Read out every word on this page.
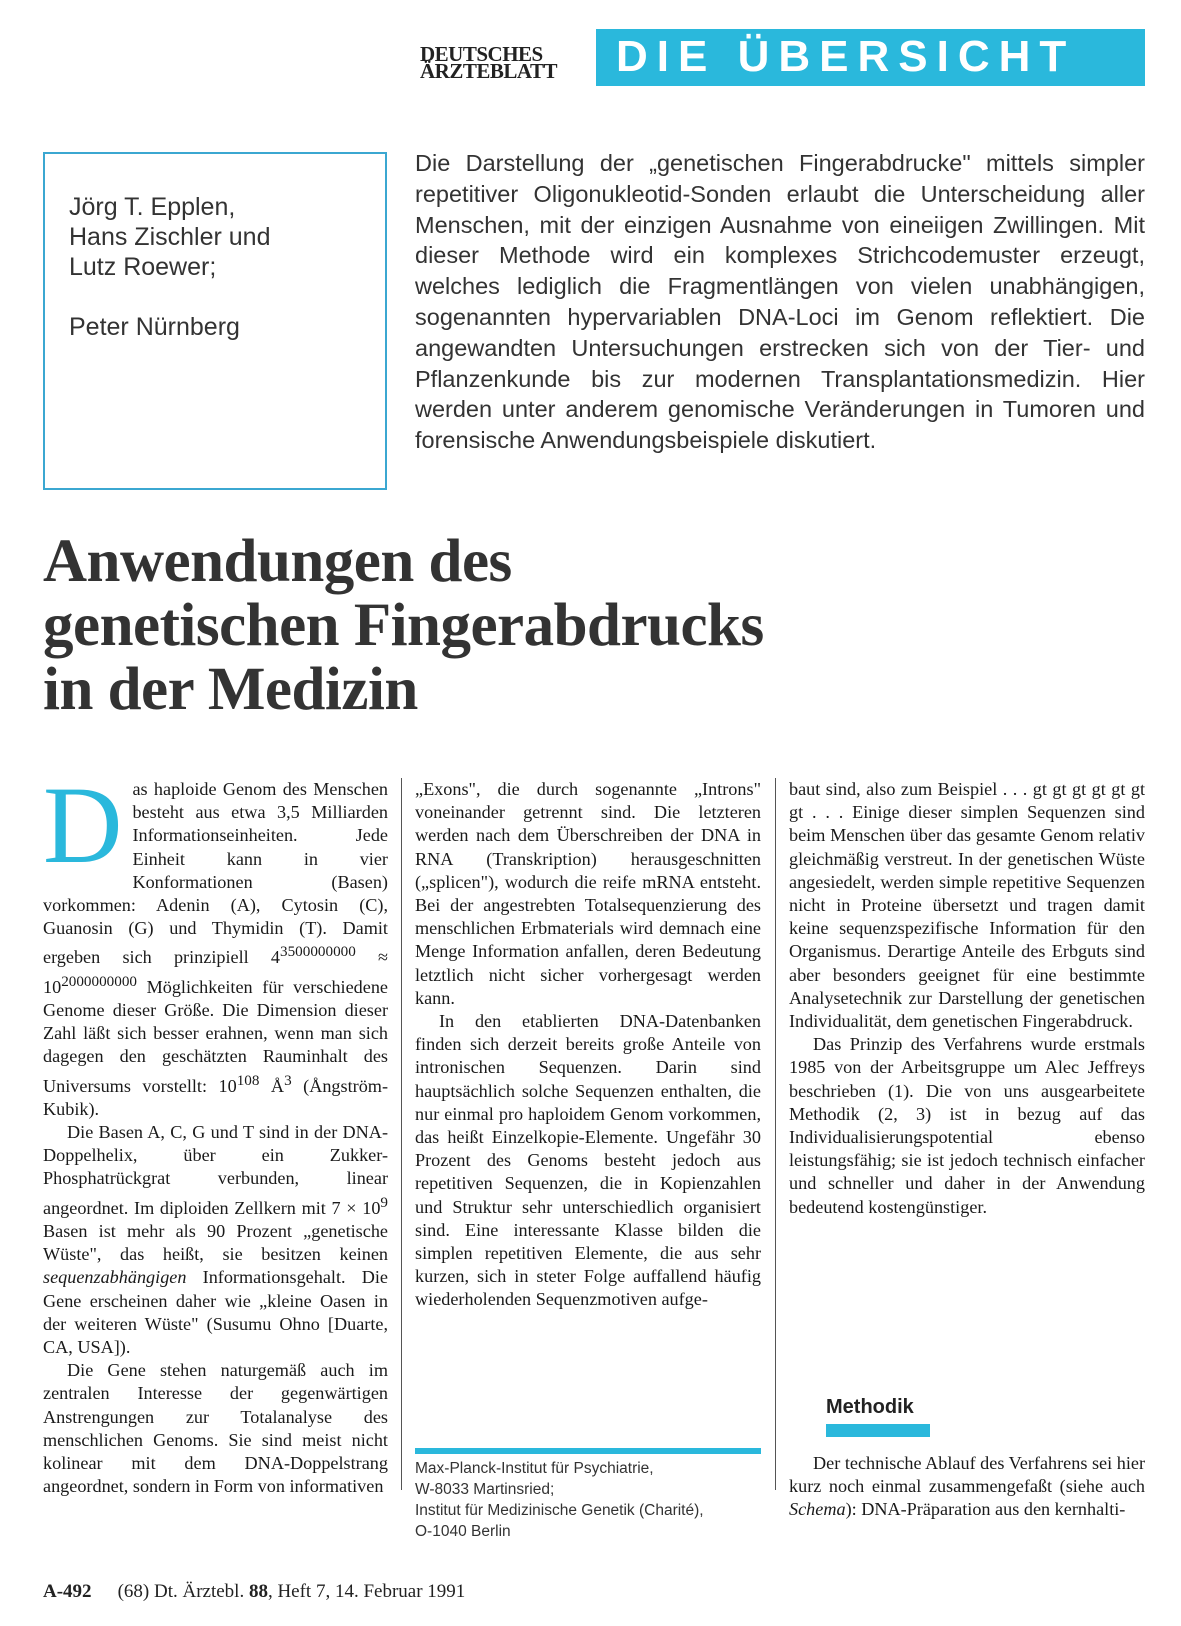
DEUTSCHES
ÄRZTEBLATT	DIE ÜBERSICHT
Jörg T. Epplen,
Hans Zischler und
Lutz Roewer;
Peter Nürnberg
Die Darstellung der „genetischen Fingerabdrucke" mittels simpler repetitiver Oligonukleotid-Sonden erlaubt die Unterscheidung aller Menschen, mit der einzigen Ausnahme von eineiigen Zwillingen. Mit dieser Methode wird ein komplexes Strichcodemuster erzeugt, welches lediglich die Fragmentlängen von vielen unabhängigen, sogenannten hypervariablen DNA-Loci im Genom reflektiert. Die angewandten Untersuchungen erstrecken sich von der Tier- und Pflanzenkunde bis zur modernen Transplantationsmedizin. Hier werden unter anderem genomische Veränderungen in Tumoren und forensische Anwendungsbeispiele diskutiert.
Anwendungen des
genetischen Fingerabdrucks
in der Medizin

Das haploide Genom des Menschen besteht aus etwa 3,5 Milliarden Informationseinheiten. Jede Einheit kann in vier Konformationen (Basen) vorkommen: Adenin (A), Cytosin (C), Guanosin (G) und Thymidin (T). Damit ergeben sich prinzipiell $4^{3500000000} \approx 10^{2000000000}$ Möglichkeiten für verschiedene Genome dieser Größe. Die Dimension dieser Zahl läßt sich besser erahnen, wenn man sich dagegen den geschätzten Rauminhalt des Universums vorstellt: $10^{108}$ $Å^3$ (Ångström-Kubik).

Die Basen A, C, G und T sind in der DNA-Doppelhelix, über ein Zukker-Phosphatrückgrat verbunden, linear angeordnet. Im diploiden Zellkern mit $7 \times 10^9$ Basen ist mehr als 90 Prozent „genetische Wüste", das heißt, sie besitzen keinen sequenzabhängigen Informationsgehalt. Die Gene erscheinen daher wie „kleine Oasen in der weiteren Wüste" (Susumu Ohno [Duarte, CA, USA]).

Die Gene stehen naturgemäß auch im zentralen Interesse der gegenwärtigen Anstrengungen zur Totalanalyse des menschlichen Genoms. Sie sind meist nicht kolinear mit dem DNA-Doppelstrang angeordnet, sondern in Form von informativen

„Exons", die durch sogenannte „Introns" voneinander getrennt sind. Die letzteren werden nach dem Überschreiben der DNA in RNA (Transkription) herausgeschnitten („splicen"), wodurch die reife mRNA entsteht. Bei der angestrebten Totalsequenzierung des menschlichen Erbmaterials wird demnach eine Menge Information anfallen, deren Bedeutung letztlich nicht sicher vorhergesagt werden kann.

In den etablierten DNA-Datenbanken finden sich derzeit bereits große Anteile von intronischen Sequenzen. Darin sind hauptsächlich solche Sequenzen enthalten, die nur einmal pro haploidem Genom vorkommen, das heißt Einzelkopie-Elemente. Ungefähr 30 Prozent des Genoms besteht jedoch aus repetitiven Sequenzen, die in Kopienzahlen und Struktur sehr unterschiedlich organisiert sind. Eine interessante Klasse bilden die simplen repetitiven Elemente, die aus sehr kurzen, sich in steter Folge auffallend häufig wiederholenden Sequenzmotiven aufge-

Max-Planck-Institut für Psychiatrie,
W-8033 Martinsried;
Institut für Medizinische Genetik (Charité),
O-1040 Berlin

baut sind, also zum Beispiel . . . gt gt gt gt gt gt gt . . . Einige dieser simplen Sequenzen sind beim Menschen über das gesamte Genom relativ gleichmäßig verstreut. In der genetischen Wüste angesiedelt, werden simple repetitive Sequenzen nicht in Proteine übersetzt und tragen damit keine sequenzspezifische Information für den Organismus. Derartige Anteile des Erbguts sind aber besonders geeignet für eine bestimmte Analysetechnik zur Darstellung der genetischen Individualität, dem genetischen Fingerabdruck.

Das Prinzip des Verfahrens wurde erstmals 1985 von der Arbeitsgruppe um Alec Jeffreys beschrieben (1). Die von uns ausgearbeitete Methodik (2, 3) ist in bezug auf das Individualisierungspotential ebenso leistungsfähig; sie ist jedoch technisch einfacher und schneller und daher in der Anwendung bedeutend kostengünstiger.

Methodik

Der technische Ablauf des Verfahrens sei hier kurz noch einmal zusammengefaßt (siehe auch Schema): DNA-Präparation aus den kernhalti-

A-492 (68) Dt. Ärztebl. 88, Heft 7, 14. Februar 1991
